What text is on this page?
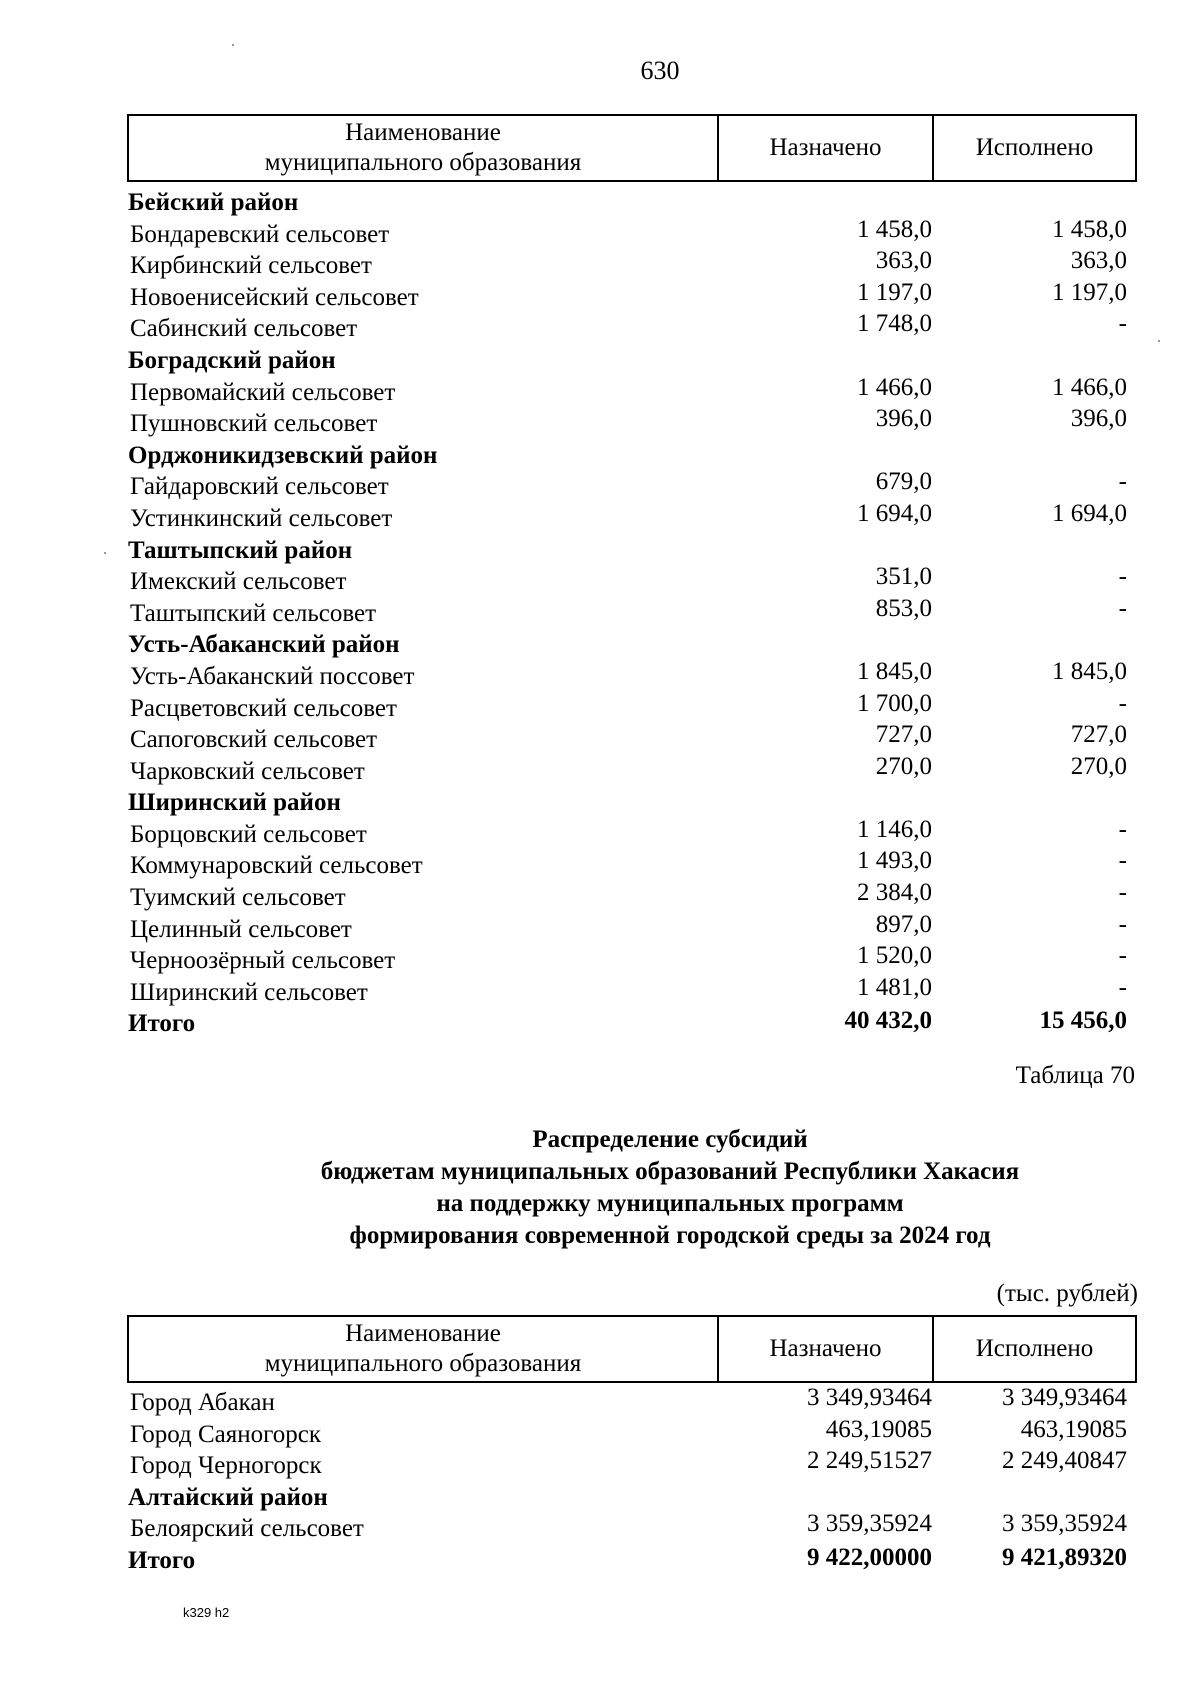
630
Наименование
муниципального образования
Назначено	Исполнено
Бейский район
Бондаревский сельсовет	1 458,0	1 458,0
Кирбинский сельсовет	363,0	363,0
Новоенисейский сельсовет	1 197,0	1 197,0
Сабинский сельсовет	1 748,0	-
Боградский район
Первомайский сельсовет	1 466,0	1 466,0
Пушновский сельсовет	396,0	396,0
Орджоникидзевский район
Гайдаровский сельсовет	679,0	-
Устинкинский сельсовет	1 694,0	1 694,0
Таштыпский район
Имекский сельсовет	351,0	-
Таштыпский сельсовет	853,0	-
Усть-Абаканский район
Усть-Абаканский поссовет	1 845,0	1 845,0
Расцветовский сельсовет	1 700,0	-
Сапоговский сельсовет	727,0	727,0
Чарковский сельсовет	270,0	270,0
Ширинский район
Борцовский сельсовет	1 146,0	-
Коммунаровский сельсовет	1 493,0	-
Туимский сельсовет	2 384,0	-
Целинный сельсовет	897,0	-
Черноозёрный сельсовет	1 520,0	-
Ширинский сельсовет	1 481,0	-
Итого	40 432,0	15 456,0
Таблица 70
Распределение субсидий
бюджетам муниципальных образований Республики Хакасия
на поддержку муниципальных программ
формирования современной городской среды за 2024 год
(тыс. рублей)
Наименование
муниципального образования
Назначено	Исполнено
Город Абакан	3 349,93464	3 349,93464
Город Саяногорск	463,19085	463,19085
Город Черногорск	2 249,51527	2 249,40847
Алтайский район
Белоярский сельсовет	3 359,35924	3 359,35924
Итого	9 422,00000	9 421,89320
k329 h2
